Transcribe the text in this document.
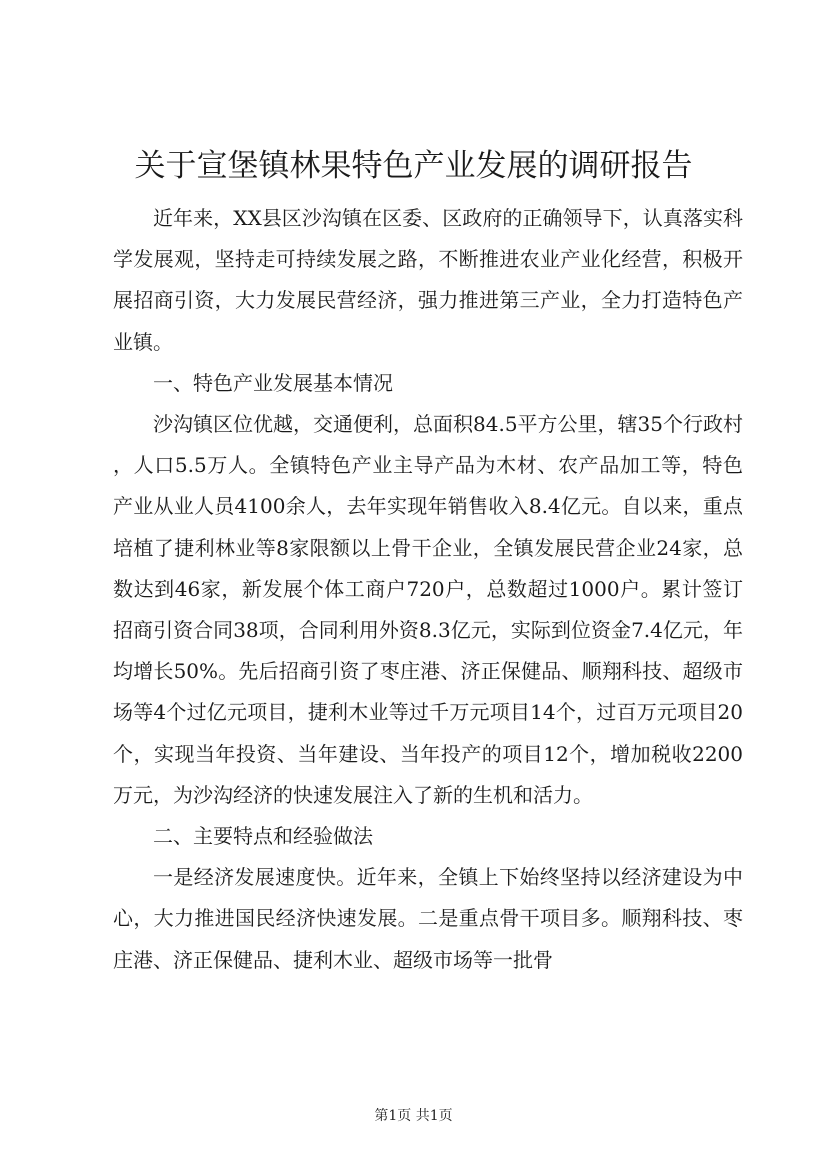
关于宣堡镇林果特色产业发展的调研报告

近年来，XX县区沙沟镇在区委、区政府的正确领导下，认真落实科学发展观，坚持走可持续发展之路，不断推进农业产业化经营，积极开展招商引资，大力发展民营经济，强力推进第三产业，全力打造特色产业镇。

一、特色产业发展基本情况

沙沟镇区位优越，交通便利，总面积84.5平方公里，辖35个行政村，人口5.5万人。全镇特色产业主导产品为木材、农产品加工等，特色产业从业人员4100余人，去年实现年销售收入8.4亿元。自以来，重点培植了捷利林业等8家限额以上骨干企业，全镇发展民营企业24家，总数达到46家，新发展个体工商户720户，总数超过1000户。累计签订招商引资合同38项，合同利用外资8.3亿元，实际到位资金7.4亿元，年均增长50%。先后招商引资了枣庄港、济正保健品、顺翔科技、超级市场等4个过亿元项目，捷利木业等过千万元项目14个，过百万元项目20个，实现当年投资、当年建设、当年投产的项目12个，增加税收2200万元，为沙沟经济的快速发展注入了新的生机和活力。

二、主要特点和经验做法

一是经济发展速度快。近年来，全镇上下始终坚持以经济建设为中心，大力推进国民经济快速发展。二是重点骨干项目多。顺翔科技、枣庄港、济正保健品、捷利木业、超级市场等一批骨

第1页 共1页
